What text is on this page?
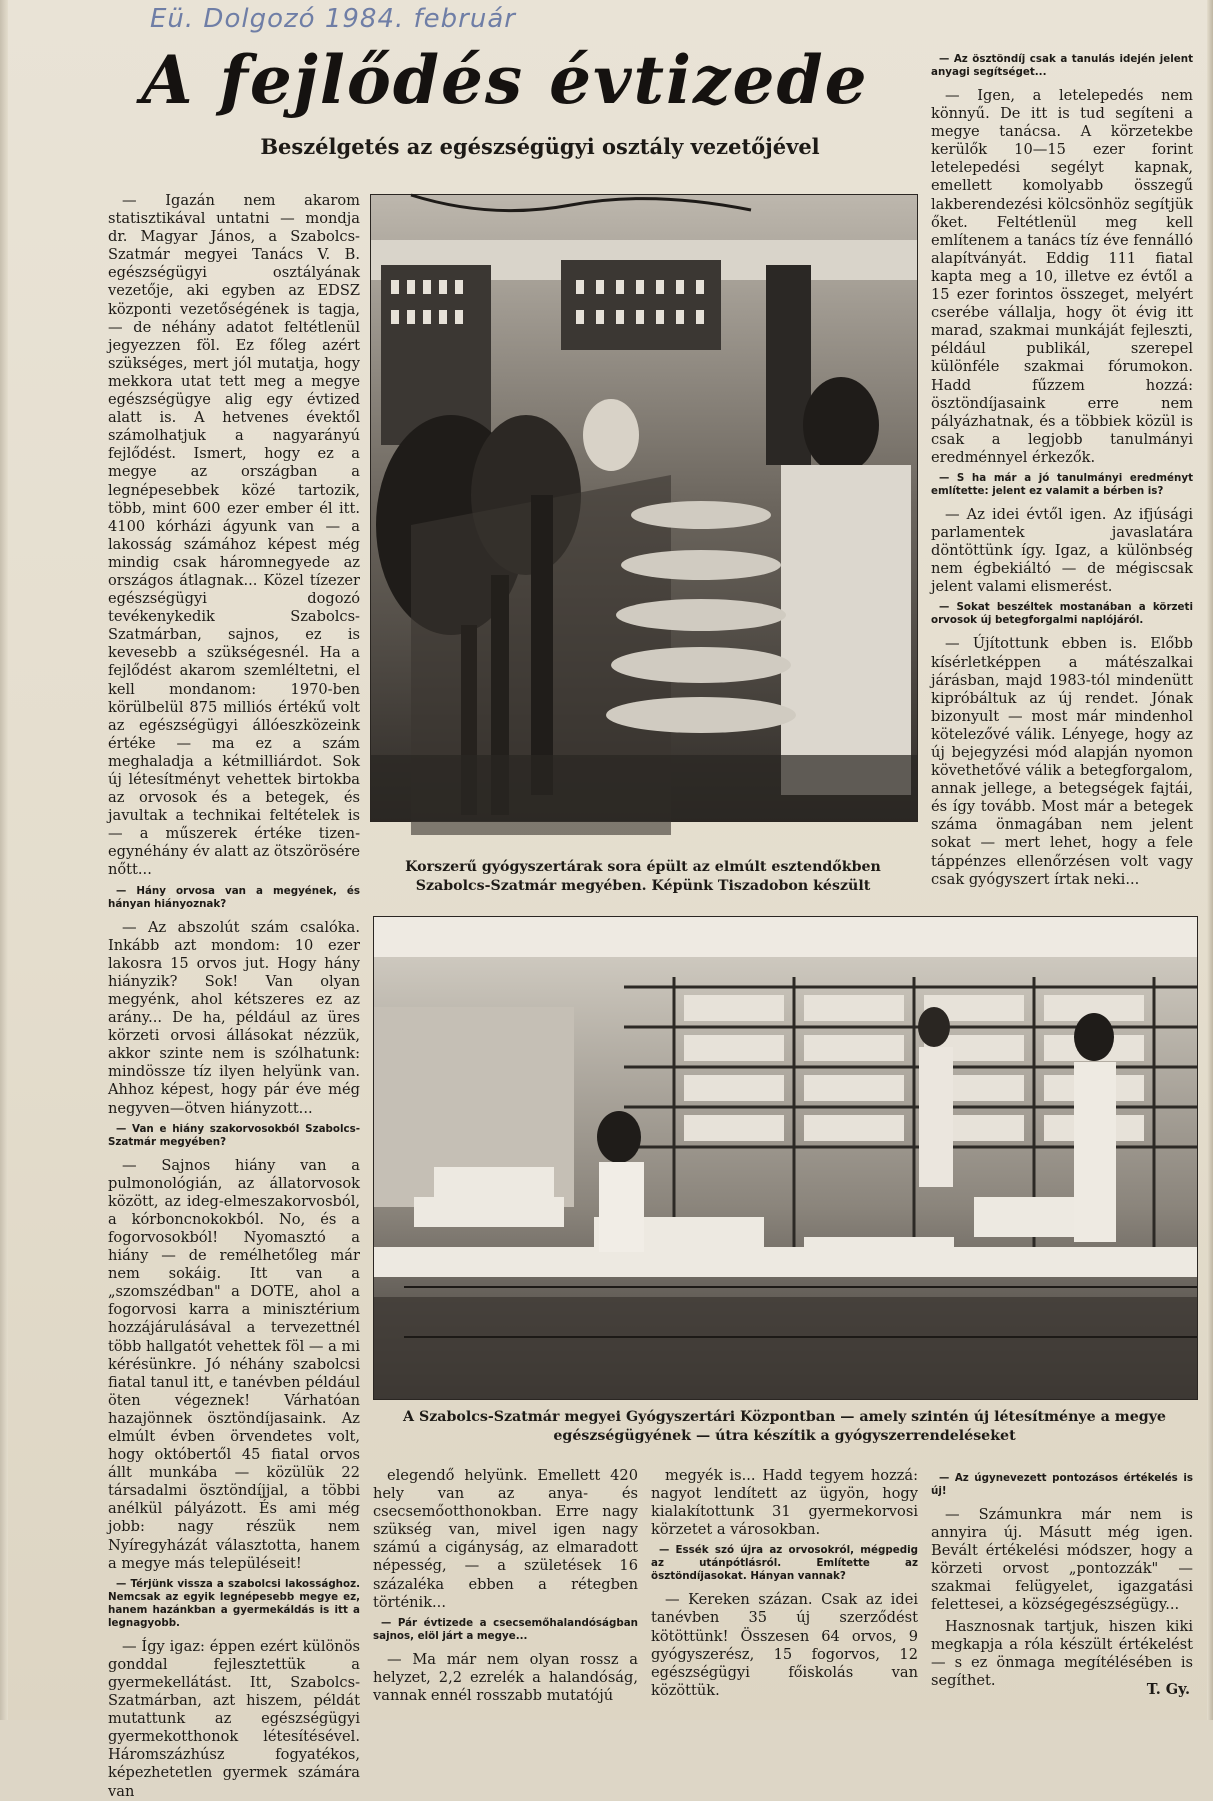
Eü. Dolgozó 1984. február
A fejlődés évtizede
Beszélgetés az egészségügyi osztály vezetőjével

— Igazán nem akarom statisztikával untatni — mondja dr. Magyar János, a Szabolcs-Szatmár megyei Tanács V. B. egészségügyi osztályának vezetője, aki egyben az EDSZ központi vezetőségének is tagja, — de néhány adatot feltétlenül jegyezzen föl. Ez főleg azért szükséges, mert jól mutatja, hogy mekkora utat tett meg a megye egészségügye alig egy évtized alatt is. A hetvenes évektől számolhatjuk a nagyarányú fejlődést. Ismert, hogy ez a megye az országban a legnépesebbek közé tartozik, több, mint 600 ezer ember él itt. 4100 kórházi ágyunk van — a lakosság számához képest még mindig csak háromnegyede az országos átlagnak... Közel tízezer egészségügyi dogozó tevékenykedik Szabolcs-Szatmárban, sajnos, ez is kevesebb a szükségesnél. Ha a fejlődést akarom szemléltetni, el kell mondanom: 1970-ben körülbelül 875 milliós értékű volt az egészségügyi állóeszközeink értéke — ma ez a szám meghaladja a kétmilliárdot. Sok új létesítményt vehettek birtokba az orvosok és a betegek, és javultak a technikai feltételek is — a műszerek értéke tizen-egynéhány év alatt az ötszörösére nőtt...

— Hány orvosa van a megyének, és hányan hiányoznak?

— Az abszolút szám csalóka. Inkább azt mondom: 10 ezer lakosra 15 orvos jut. Hogy hány hiányzik? Sok! Van olyan megyénk, ahol kétszeres ez az arány... De ha, például az üres körzeti orvosi állásokat nézzük, akkor szinte nem is szólhatunk: mindössze tíz ilyen helyünk van. Ahhoz képest, hogy pár éve még negyven—ötven hiányzott...

— Van e hiány szakorvosokból Szabolcs-Szatmár megyében?

— Sajnos hiány van a pulmonológián, az állatorvosok között, az ideg-elmeszakorvosból, a kórboncnokokból. No, és a fogorvosokból! Nyomasztó a hiány — de remélhetőleg már nem sokáig. Itt van a „szomszédban" a DOTE, ahol a fogorvosi karra a minisztérium hozzájárulásával a tervezettnél több hallgatót vehettek föl — a mi kérésünkre. Jó néhány szabolcsi fiatal tanul itt, e tanévben például öten végeznek! Várhatóan hazajönnek ösztöndíjasaink. Az elmúlt évben örvendetes volt, hogy októbertől 45 fiatal orvos állt munkába — közülük 22 társadalmi ösztöndíjjal, a többi anélkül pályázott. És ami még jobb: nagy részük nem Nyíregyházát választotta, hanem a megye más településeit!

— Térjünk vissza a szabolcsi lakossághoz. Nemcsak az egyik legnépesebb megye ez, hanem hazánkban a gyermekáldás is itt a legnagyobb.

— Így igaz: éppen ezért különös gonddal fejlesztettük a gyermekellátást. Itt, Szabolcs-Szatmárban, azt hiszem, példát mutattunk az egészségügyi gyermekotthonok létesítésével. Háromszázhúsz fogyatékos, képezhetetlen gyermek számára van

Korszerű gyógyszertárak sora épült az elmúlt esztendőkben Szabolcs-Szatmár megyében. Képünk Tiszadobon készült

— Az ösztöndíj csak a tanulás idején jelent anyagi segítséget...

— Igen, a letelepedés nem könnyű. De itt is tud segíteni a megye tanácsa. A körzetekbe kerülők 10—15 ezer forint letelepedési segélyt kapnak, emellett komolyabb összegű lakberendezési kölcsönhöz segítjük őket. Feltétlenül meg kell említenem a tanács tíz éve fennálló alapítványát. Eddig 111 fiatal kapta meg a 10, illetve ez évtől a 15 ezer forintos összeget, melyért cserébe vállalja, hogy öt évig itt marad, szakmai munkáját fejleszti, például publikál, szerepel különféle szakmai fórumokon. Hadd fűzzem hozzá: ösztöndíjasaink erre nem pályázhatnak, és a többiek közül is csak a legjobb tanulmányi eredménnyel érkezők.

— S ha már a jó tanulmányi eredményt említette: jelent ez valamit a bérben is?

— Az idei évtől igen. Az ifjúsági parlamentek javaslatára döntöttünk így. Igaz, a különbség nem égbekiáltó — de mégiscsak jelent valami elismerést.

— Sokat beszéltek mostanában a körzeti orvosok új betegforgalmi naplójáról.

— Újítottunk ebben is. Előbb kísérletképpen a mátészalkai járásban, majd 1983-tól mindenütt kipróbáltuk az új rendet. Jónak bizonyult — most már mindenhol kötelezővé válik. Lényege, hogy az új bejegyzési mód alapján nyomon követhetővé válik a betegforgalom, annak jellege, a betegségek fajtái, és így tovább. Most már a betegek száma önmagában nem jelent sokat — mert lehet, hogy a fele táppénzes ellenőrzésen volt vagy csak gyógyszert írtak neki...

A Szabolcs-Szatmár megyei Gyógyszertári Központban — amely szintén új létesítménye a megye egészségügyének — útra készítik a gyógyszerrendeléseket

elegendő helyünk. Emellett 420 hely van az anya- és csecsemőotthonokban. Erre nagy szükség van, mivel igen nagy számú a cigányság, az elmaradott népesség, — a születések 16 százaléka ebben a rétegben történik...

— Pár évtizede a csecsemőhalandóságban sajnos, elöl járt a megye...

— Ma már nem olyan rossz a helyzet, 2,2 ezrelék a halandóság, vannak ennél rosszabb mutatójú

megyék is... Hadd tegyem hozzá: nagyot lendített az ügyön, hogy kialakítottunk 31 gyermekorvosi körzetet a városokban.

— Essék szó újra az orvosokról, mégpedig az utánpótlásról. Említette az ösztöndíjasokat. Hányan vannak?

— Kereken százan. Csak az idei tanévben 35 új szerződést kötöttünk! Összesen 64 orvos, 9 gyógyszerész, 15 fogorvos, 12 egészségügyi főiskolás van közöttük.

— Az úgynevezett pontozásos értékelés is új!

— Számunkra már nem is annyira új. Másutt még igen. Bevált értékelési módszer, hogy a körzeti orvost „pontozzák" — szakmai felügyelet, igazgatási felettesei, a községegészségügy...

Hasznosnak tartjuk, hiszen kiki megkapja a róla készült értékelést — s ez önmaga megítélésében is segíthet.

T. Gy.
